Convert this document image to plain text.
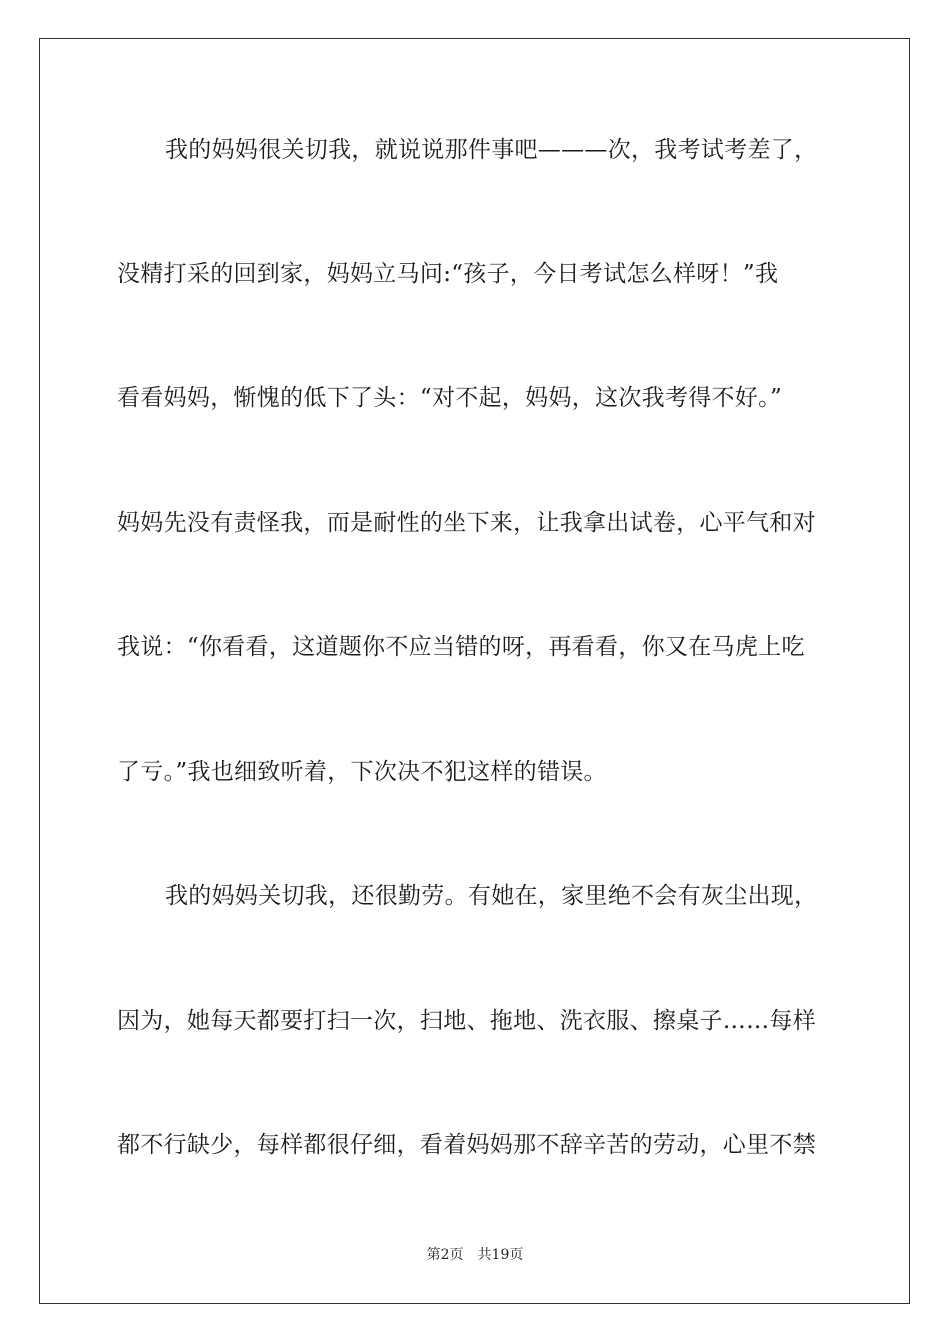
我的妈妈很关切我，就说说那件事吧———次，我考试考差了，
没精打采的回到家，妈妈立马问:“孩子，今日考试怎么样呀！”我
看看妈妈，惭愧的低下了头：“对不起，妈妈，这次我考得不好。”
妈妈先没有责怪我，而是耐性的坐下来，让我拿出试卷，心平气和对
我说：“你看看，这道题你不应当错的呀，再看看，你又在马虎上吃
了亏。”我也细致听着，下次决不犯这样的错误。
我的妈妈关切我，还很勤劳。有她在，家里绝不会有灰尘出现，
因为，她每天都要打扫一次，扫地、拖地、洗衣服、擦桌子……每样
都不行缺少，每样都很仔细，看着妈妈那不辞辛苦的劳动，心里不禁
第2页 共19页
